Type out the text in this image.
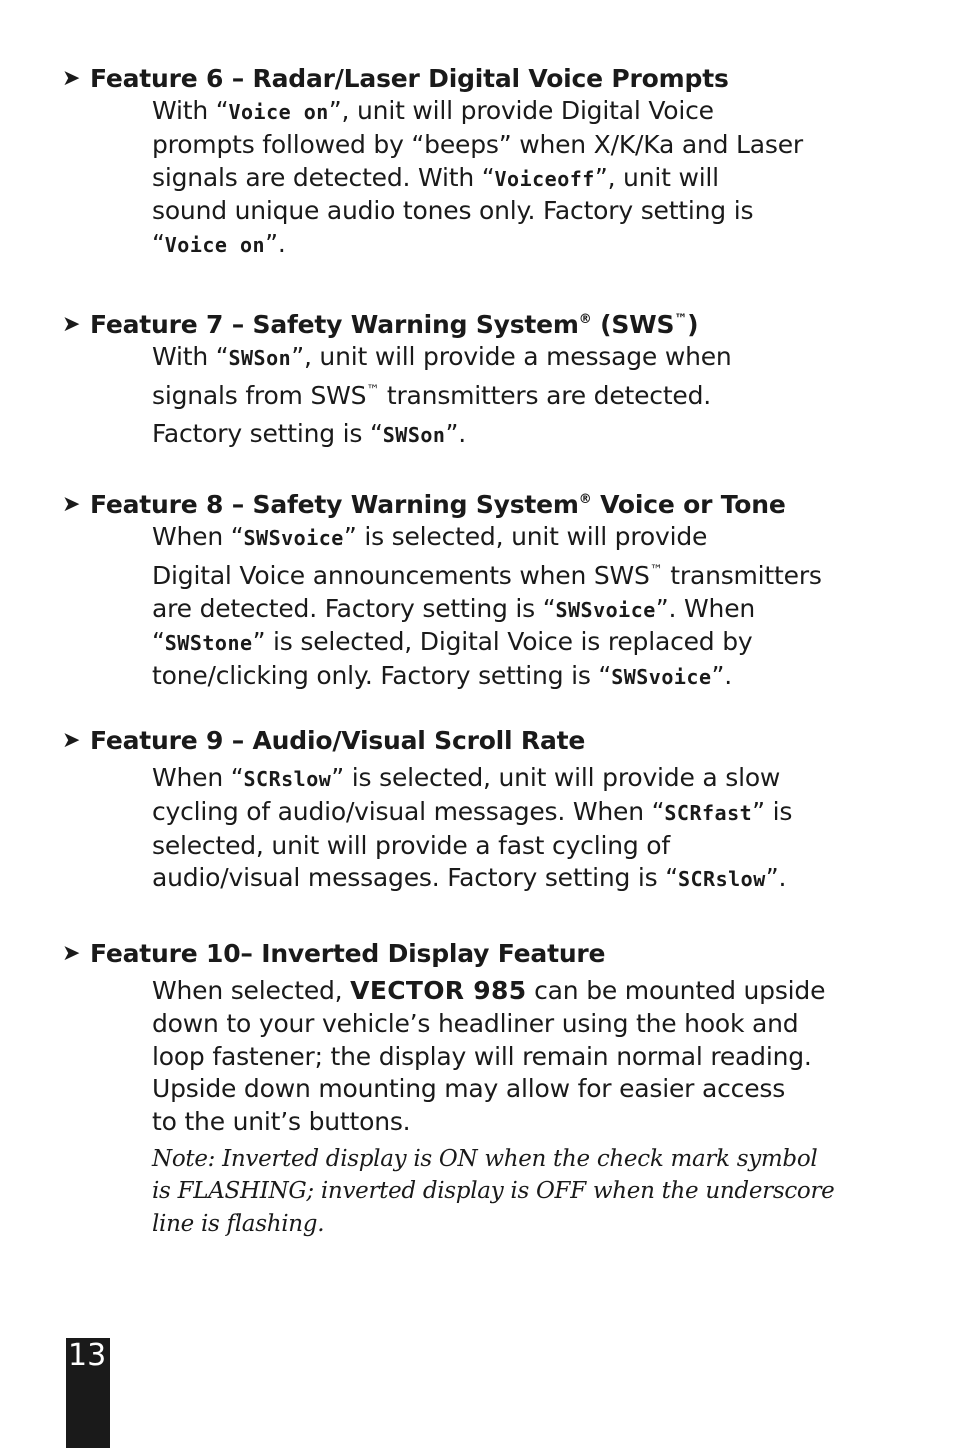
➤ Feature 6 – Radar/Laser Digital Voice Prompts
With “Voice on”, unit will provide Digital Voice
prompts followed by “beeps” when X/K/Ka and Laser
signals are detected. With “Voiceoff”, unit will
sound unique audio tones only. Factory setting is
“Voice on”.
➤ Feature 7 – Safety Warning System® (SWS™)
With “SWSon”, unit will provide a message when
signals from SWS™ transmitters are detected.
Factory setting is “SWSon”.
➤ Feature 8 – Safety Warning System® Voice or Tone
When “SWSvoice” is selected, unit will provide
Digital Voice announcements when SWS™ transmitters
are detected. Factory setting is “SWSvoice”. When
“SWStone” is selected, Digital Voice is replaced by
tone/clicking only. Factory setting is “SWSvoice”.
➤ Feature 9 – Audio/Visual Scroll Rate
When “SCRslow” is selected, unit will provide a slow
cycling of audio/visual messages. When “SCRfast” is
selected, unit will provide a fast cycling of
audio/visual messages. Factory setting is “SCRslow”.
➤ Feature 10– Inverted Display Feature
When selected, VECTOR 985 can be mounted upside
down to your vehicle’s headliner using the hook and
loop fastener; the display will remain normal reading.
Upside down mounting may allow for easier access
to the unit’s buttons.
Note: Inverted display is ON when the check mark symbol
is FLASHING; inverted display is OFF when the underscore
line is flashing.
13
